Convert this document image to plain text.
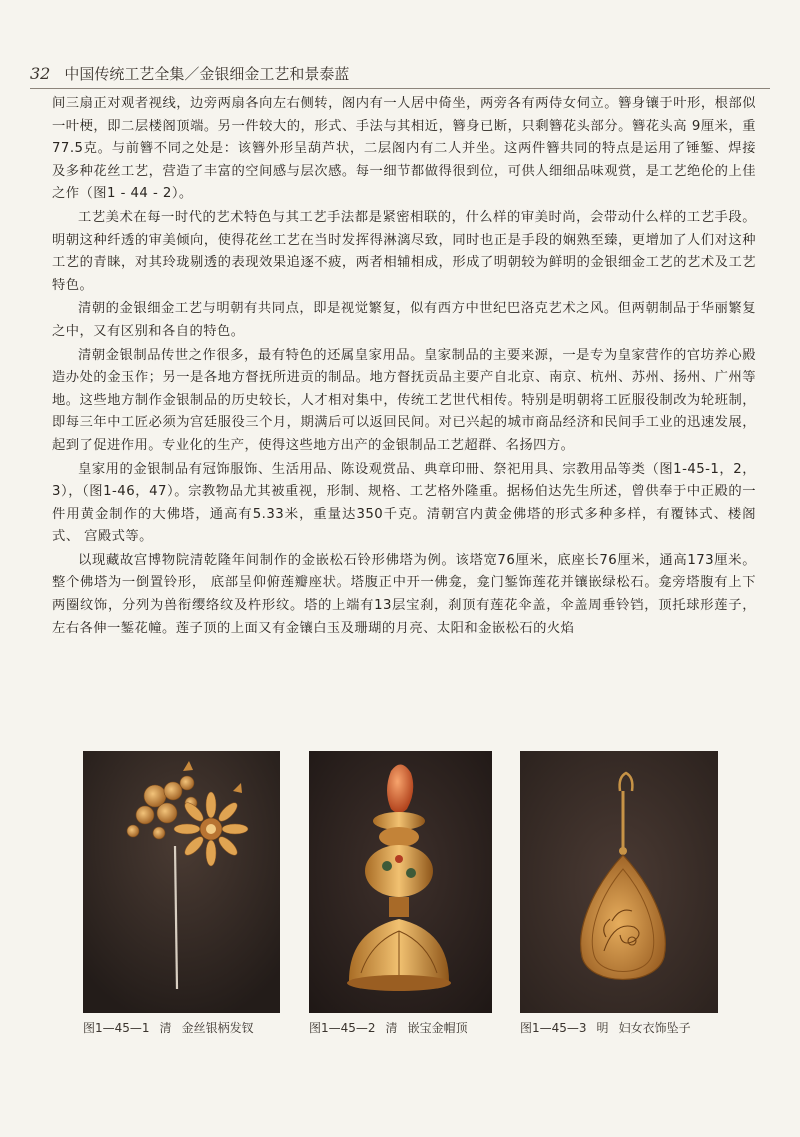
32 中国传统工艺全集／金银细金工艺和景泰蓝

间三扇正对观者视线，边旁两扇各向左右侧转，阁内有一人居中倚坐，两旁各有两侍女伺立。簪身镶于叶形，根部似一叶梗，即二层楼阁顶端。另一件较大的，形式、手法与其相近，簪身已断，只剩簪花头部分。簪花头高 9厘米，重77.5克。与前簪不同之处是：该簪外形呈葫芦状，二层阁内有二人并坐。这两件簪共同的特点是运用了锤錾、焊接及多种花丝工艺，营造了丰富的空间感与层次感。每一细节都做得很到位，可供人细细品味观赏，是工艺绝伦的上佳之作（图1 - 44 - 2）。

工艺美术在每一时代的艺术特色与其工艺手法都是紧密相联的，什么样的审美时尚，会带动什么样的工艺手段。明朝这种纤透的审美倾向，使得花丝工艺在当时发挥得淋漓尽致，同时也正是手段的娴熟至臻，更增加了人们对这种工艺的青睐，对其玲珑剔透的表现效果追逐不疲，两者相辅相成，形成了明朝较为鲜明的金银细金工艺的艺术及工艺特色。

清朝的金银细金工艺与明朝有共同点，即是视觉繁复，似有西方中世纪巴洛克艺术之风。但两朝制品于华丽繁复之中，又有区别和各自的特色。

清朝金银制品传世之作很多，最有特色的还属皇家用品。皇家制品的主要来源，一是专为皇家营作的官坊养心殿造办处的金玉作；另一是各地方督抚所进贡的制品。地方督抚贡品主要产自北京、南京、杭州、苏州、扬州、广州等地。这些地方制作金银制品的历史较长，人才相对集中，传统工艺世代相传。特别是明朝将工匠服役制改为轮班制，即每三年中工匠必须为宫廷服役三个月，期满后可以返回民间。对已兴起的城市商品经济和民间手工业的迅速发展，起到了促进作用。专业化的生产，使得这些地方出产的金银制品工艺超群、名扬四方。

皇家用的金银制品有冠饰服饰、生活用品、陈设观赏品、典章印冊、祭祀用具、宗教用品等类（图1-45-1，2，3），（图1-46，47）。宗教物品尤其被重视，形制、规格、工艺格外隆重。据杨伯达先生所述，曾供奉于中正殿的一件用黄金制作的大佛塔，通高有5.33米，重量达350千克。清朝宫内黄金佛塔的形式多种多样，有覆钵式、楼阁式、 宫殿式等。

以现藏故宫博物院清乾隆年间制作的金嵌松石铃形佛塔为例。该塔宽76厘米，底座长76厘米，通高173厘米。整个佛塔为一倒置铃形， 底部呈仰俯莲瓣座状。塔腹正中开一佛龛，龛门錾饰莲花并镶嵌绿松石。龛旁塔腹有上下两圈纹饰，分列为兽衔缨络纹及杵形纹。塔的上端有13层宝刹，刹顶有莲花伞盖，伞盖周垂铃铛，顶托球形莲子，左右各伸一錾花幢。莲子顶的上面又有金镶白玉及珊瑚的月亮、太阳和金嵌松石的火焰

图1—45—1 清 金丝银柄发钗	图1—45—2 清 嵌宝金帽顶	图1—45—3 明 妇女衣饰坠子
